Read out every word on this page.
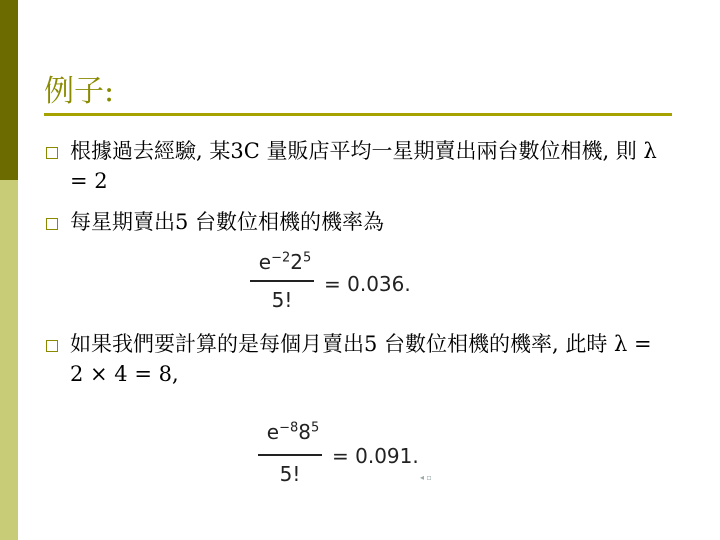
例子:
根據過去經驗, 某3C 量販店平均一星期賣出兩台數位相機, 則 λ = 2
每星期賣出5 台數位相機的機率為
$e^{-2}2^5$
5!
= 0.036.
如果我們要計算的是每個月賣出5 台數位相機的機率, 此時 λ = 2 × 4 = 8,
$e^{-8}8^5$
5!
= 0.091.
◂ ▫
